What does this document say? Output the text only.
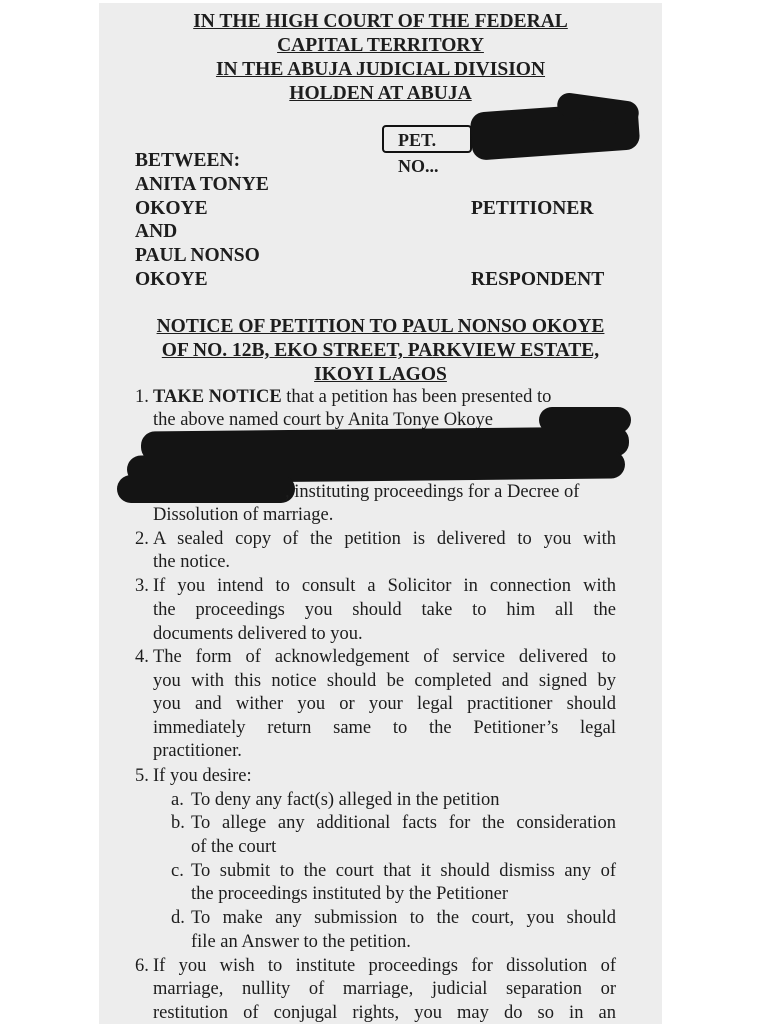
IN THE HIGH COURT OF THE FEDERAL
CAPITAL TERRITORY
IN THE ABUJA JUDICIAL DIVISION
HOLDEN AT ABUJA
PET. NO...
BETWEEN:
ANITA TONYE
OKOYE	PETITIONER
AND
PAUL NONSO
OKOYE	RESPONDENT
NOTICE OF PETITION TO PAUL NONSO OKOYE
OF NO. 12B, EKO STREET, PARKVIEW ESTATE,
IKOYI LAGOS
1. TAKE NOTICE that a petition has been presented to
the above named court by Anita Tonye Okoye
, instituting proceedings for a Decree of
Dissolution of marriage.
2. A sealed copy of the petition is delivered to you with
the notice.
3. If you intend to consult a Solicitor in connection with
the proceedings you should take to him all the
documents delivered to you.
4. The form of acknowledgement of service delivered to
you with this notice should be completed and signed by
you and wither you or your legal practitioner should
immediately return same to the Petitioner’s legal
practitioner.
5. If you desire:
a. To deny any fact(s) alleged in the petition
b. To allege any additional facts for the consideration
of the court
c. To submit to the court that it should dismiss any of
the proceedings instituted by the Petitioner
d. To make any submission to the court, you should
file an Answer to the petition.
6. If you wish to institute proceedings for dissolution of
marriage, nullity of marriage, judicial separation or
restitution of conjugal rights, you may do so in an
